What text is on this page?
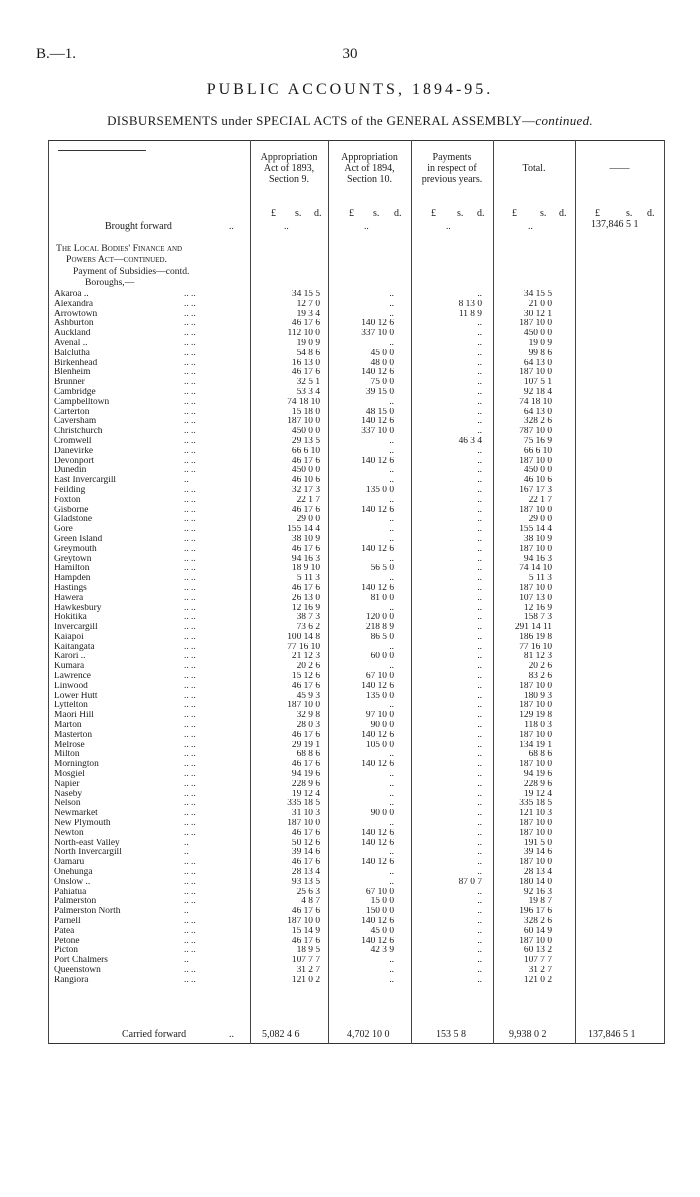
B.—1.	30
PUBLIC ACCOUNTS, 1894-95.
DISBURSEMENTS under SPECIAL ACTS of the GENERAL ASSEMBLY—continued.
Appropriation
Act of 1893,
Section 9.
Appropriation
Act of 1894,
Section 10.
Payments
in respect of
previous years.
Total.	——
£ s. d.	£ s. d.	£ s. d.	£ s. d.	£	s. d.
Brought forward	..	..	..	..	..	137,846 5 1
The Local Bodies' Finance and
Powers Act—continued.
Payment of Subsidies—contd.
Boroughs,—
Akaroa ..	.. ..	34 15 5	..	..	34 15 5	
Alexandra	.. ..	12 7 0	..	8 13 0	21 0 0	
Arrowtown	.. ..	19 3 4	..	11 8 9	30 12 1	
Ashburton	.. ..	46 17 6	140 12 6	..	187 10 0	
Auckland	.. ..	112 10 0	337 10 0	..	450 0 0	
Avenal ..	.. ..	19 0 9	..	..	19 0 9	
Balclutha	.. ..	54 8 6	45 0 0	..	99 8 6	
Birkenhead	.. ..	16 13 0	48 0 0	..	64 13 0	
Blenheim	.. ..	46 17 6	140 12 6	..	187 10 0	
Brunner	.. ..	32 5 1	75 0 0	..	107 5 1	
Cambridge	.. ..	53 3 4	39 15 0	..	92 18 4	
Campbelltown	.. ..	74 18 10	..	..	74 18 10	
Carterton	.. ..	15 18 0	48 15 0	..	64 13 0	
Caversham	.. ..	187 10 0	140 12 6	..	328 2 6	
Christchurch	.. ..	450 0 0	337 10 0	..	787 10 0	
Cromwell	.. ..	29 13 5	..	46 3 4	75 16 9	
Danevirke	.. ..	66 6 10	..	..	66 6 10	
Devonport	.. ..	46 17 6	140 12 6	..	187 10 0	
Dunedin	.. ..	450 0 0	..	..	450 0 0	
East Invercargill	..	46 10 6	..	..	46 10 6	
Feilding	.. ..	32 17 3	135 0 0	..	167 17 3	
Foxton	.. ..	22 1 7	..	..	22 1 7	
Gisborne	.. ..	46 17 6	140 12 6	..	187 10 0	
Gladstone	.. ..	29 0 0	..	..	29 0 0	
Gore	.. ..	155 14 4	..	..	155 14 4	
Green Island	.. ..	38 10 9	..	..	38 10 9	
Greymouth	.. ..	46 17 6	140 12 6	..	187 10 0	
Greytown	.. ..	94 16 3	..	..	94 16 3	
Hamilton	.. ..	18 9 10	56 5 0	..	74 14 10	
Hampden	.. ..	5 11 3	..	..	5 11 3	
Hastings	.. ..	46 17 6	140 12 6	..	187 10 0	
Hawera	.. ..	26 13 0	81 0 0	..	107 13 0	
Hawkesbury	.. ..	12 16 9	..	..	12 16 9	
Hokitika	.. ..	38 7 3	120 0 0	..	158 7 3	
Invercargill	.. ..	73 6 2	218 8 9	..	291 14 11	
Kaiapoi	.. ..	100 14 8	86 5 0	..	186 19 8	
Kaitangata	.. ..	77 16 10	..	..	77 16 10	
Karori ..	.. ..	21 12 3	60 0 0	..	81 12 3	
Kumara	.. ..	20 2 6	..	..	20 2 6	
Lawrence	.. ..	15 12 6	67 10 0	..	83 2 6	
Linwood	.. ..	46 17 6	140 12 6	..	187 10 0	
Lower Hutt	.. ..	45 9 3	135 0 0	..	180 9 3	
Lyttelton	.. ..	187 10 0	..	..	187 10 0	
Maori Hill	.. ..	32 9 8	97 10 0	..	129 19 8	
Marton	.. ..	28 0 3	90 0 0	..	118 0 3	
Masterton	.. ..	46 17 6	140 12 6	..	187 10 0	
Melrose	.. ..	29 19 1	105 0 0	..	134 19 1	
Milton	.. ..	68 8 6	..	..	68 8 6	
Mornington	.. ..	46 17 6	140 12 6	..	187 10 0	
Mosgiel	.. ..	94 19 6	..	..	94 19 6	
Napier	.. ..	228 9 6	..	..	228 9 6	
Naseby	.. ..	19 12 4	..	..	19 12 4	
Nelson	.. ..	335 18 5	..	..	335 18 5	
Newmarket	.. ..	31 10 3	90 0 0	..	121 10 3	
New Plymouth	.. ..	187 10 0	..	..	187 10 0	
Newton	.. ..	46 17 6	140 12 6	..	187 10 0	
North-east Valley	..	50 12 6	140 12 6	..	191 5 0	
North Invercargill	..	39 14 6	..	..	39 14 6	
Oamaru	.. ..	46 17 6	140 12 6	..	187 10 0	
Onehunga	.. ..	28 13 4	..	..	28 13 4	
Onslow ..	.. ..	93 13 5	..	87 0 7	180 14 0	
Pahiatua	.. ..	25 6 3	67 10 0	..	92 16 3	
Palmerston	.. ..	4 8 7	15 0 0	..	19 8 7	
Palmerston North	..	46 17 6	150 0 0	..	196 17 6	
Parnell	.. ..	187 10 0	140 12 6	..	328 2 6	
Patea	.. ..	15 14 9	45 0 0	..	60 14 9	
Petone	.. ..	46 17 6	140 12 6	..	187 10 0	
Picton	.. ..	18 9 5	42 3 9	..	60 13 2	
Port Chalmers	..	107 7 7	..	..	107 7 7	
Queenstown	.. ..	31 2 7	..	..	31 2 7	
Rangiora	.. ..	121 0 2	..	..	121 0 2	
Carried forward	..	5,082 4 6	4,702 10 0	153 5 8	9,938 0 2	137,846 5 1
